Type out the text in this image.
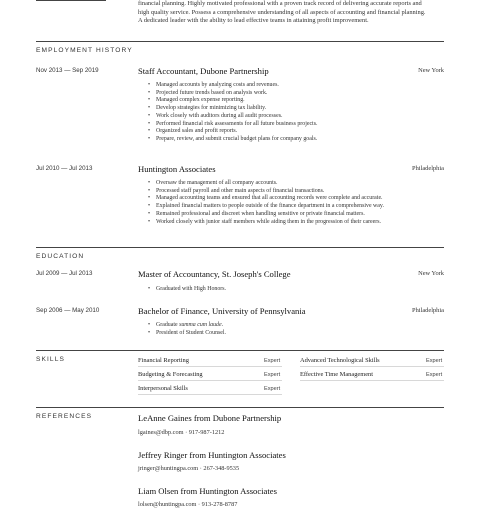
financial planning. Highly motivated professional with a proven track record of delivering accurate reports and
high quality service. Possess a comprehensive understanding of all aspects of accounting and financial planning.
A dedicated leader with the ability to lead effective teams in attaining profit improvement.
EMPLOYMENT HISTORY
Nov 2013 — Sep 2019	Staff Accountant, Dubone Partnership	New York
• Managed accounts by analyzing costs and revenues.
• Projected future trends based on analysis work.
• Managed complex expense reporting.
• Develop strategies for minimizing tax liability.
• Work closely with auditors during all audit processes.
• Performed financial risk assessments for all future business projects.
• Organized sales and profit reports.
• Prepare, review, and submit crucial budget plans for company goals.
Jul 2010 — Jul 2013	Huntington Associates	Philadelphia
• Oversaw the management of all company accounts.
• Processed staff payroll and other main aspects of financial transactions.
• Managed accounting teams and ensured that all accounting records were complete and accurate.
• Explained financial matters to people outside of the finance department in a comprehensive way.
• Remained professional and discreet when handling sensitive or private financial matters.
• Worked closely with junior staff members while aiding them in the progression of their careers.
EDUCATION
Jul 2009 — Jul 2013	Master of Accountancy, St. Joseph's College	New York
• Graduated with High Honors.
Sep 2006 — May 2010	Bachelor of Finance, University of Pennsylvania	Philadelphia
• Graduate summa cum laude.
• President of Student Counsel.
SKILLS	Financial Reporting	Expert	Advanced Technological Skills	Expert
Budgeting & Forecasting	Expert	Effective Time Management	Expert
Interpersonal Skills	Expert
REFERENCES	LeAnne Gaines from Dubone Partnership
lgaines@dbp.com · 917-987-1212
Jeffrey Ringer from Huntington Associates
jringer@huntingpa.com · 267-348-9535
Liam Olsen from Huntington Associates
lolsen@huntingpa.com · 913-278-8787
